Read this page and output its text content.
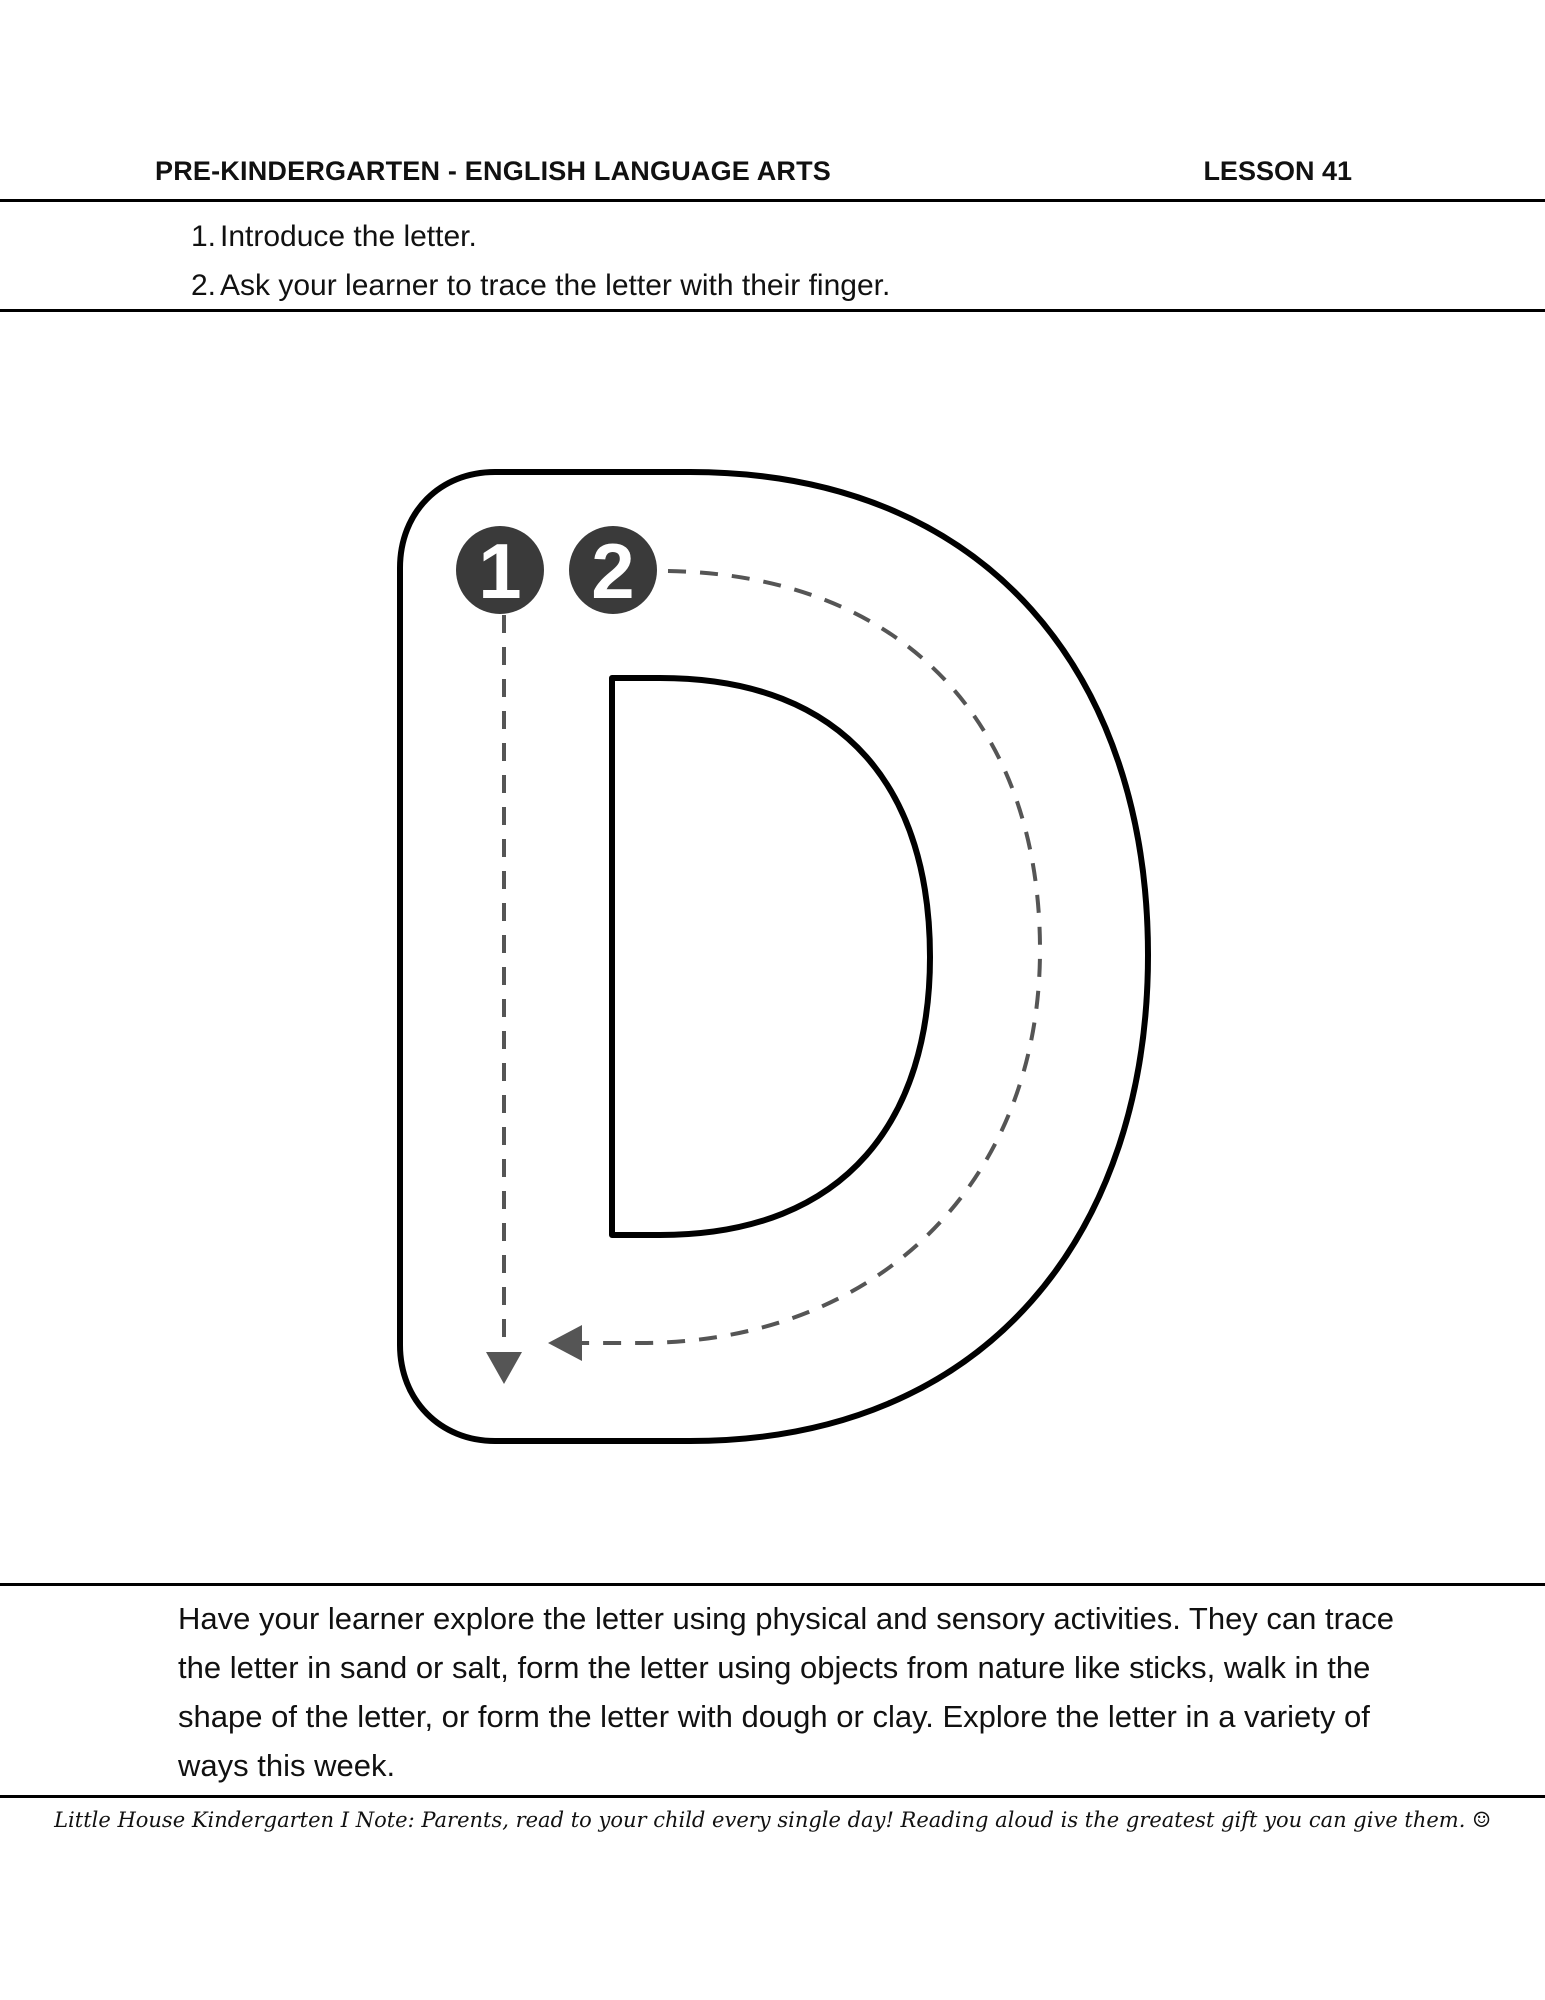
PRE-KINDERGARTEN - ENGLISH LANGUAGE ARTS	LESSON 41
1. Introduce the letter.
2. Ask your learner to trace the letter with their finger.
1 2

Have your learner explore the letter using physical and sensory activities. They can trace the letter in sand or salt, form the letter using objects from nature like sticks, walk in the shape of the letter, or form the letter with dough or clay. Explore the letter in a variety of ways this week.

Little House Kindergarten I Note: Parents, read to your child every single day! Reading aloud is the greatest gift you can give them. ☺
